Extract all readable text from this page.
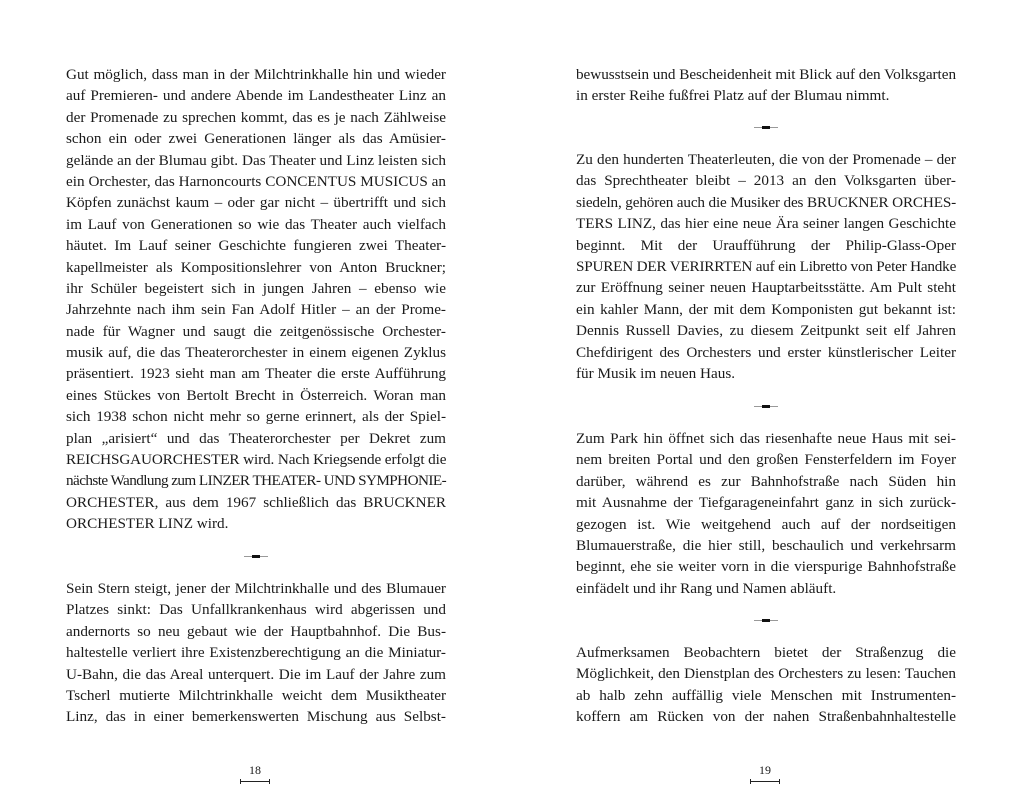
Gut möglich, dass man in der Milchtrinkhalle hin und wieder
auf Premieren- und andere Abende im Landestheater Linz an
der Promenade zu sprechen kommt, das es je nach Zählweise
schon ein oder zwei Generationen länger als das Amüsier-
gelände an der Blumau gibt. Das Theater und Linz leisten sich
ein Orchester, das Harnoncourts CONCENTUS MUSICUS an
Köpfen zunächst kaum – oder gar nicht – übertrifft und sich
im Lauf von Generationen so wie das Theater auch vielfach
häutet. Im Lauf seiner Geschichte fungieren zwei Theater-
kapellmeister als Kompositionslehrer von Anton Bruckner;
ihr Schüler begeistert sich in jungen Jahren – ebenso wie
Jahrzehnte nach ihm sein Fan Adolf Hitler – an der Prome-
nade für Wagner und saugt die zeitgenössische Orchester-
musik auf, die das Theaterorchester in einem eigenen Zyklus
präsentiert. 1923 sieht man am Theater die erste Aufführung
eines Stückes von Bertolt Brecht in Österreich. Woran man
sich 1938 schon nicht mehr so gerne erinnert, als der Spiel-
plan „arisiert“ und das Theaterorchester per Dekret zum
REICHSGAUORCHESTER wird. Nach Kriegsende erfolgt die
nächste Wandlung zum LINZER THEATER- UND SYMPHONIE-
ORCHESTER, aus dem 1967 schließlich das BRUCKNER
ORCHESTER LINZ wird.
Sein Stern steigt, jener der Milchtrinkhalle und des Blumauer
Platzes sinkt: Das Unfallkrankenhaus wird abgerissen und
andernorts so neu gebaut wie der Hauptbahnhof. Die Bus-
haltestelle verliert ihre Existenzberechtigung an die Miniatur-
U-Bahn, die das Areal unterquert. Die im Lauf der Jahre zum
Tscherl mutierte Milchtrinkhalle weicht dem Musiktheater
Linz, das in einer bemerkenswerten Mischung aus Selbst-
18
bewusstsein und Bescheidenheit mit Blick auf den Volksgarten
in erster Reihe fußfrei Platz auf der Blumau nimmt.
Zu den hunderten Theaterleuten, die von der Promenade – der
das Sprechtheater bleibt – 2013 an den Volksgarten über-
siedeln, gehören auch die Musiker des BRUCKNER ORCHES-
TERS LINZ, das hier eine neue Ära seiner langen Geschichte
beginnt. Mit der Uraufführung der Philip-Glass-Oper
SPUREN DER VERIRRTEN auf ein Libretto von Peter Handke
zur Eröffnung seiner neuen Hauptarbeitsstätte. Am Pult steht
ein kahler Mann, der mit dem Komponisten gut bekannt ist:
Dennis Russell Davies, zu diesem Zeitpunkt seit elf Jahren
Chefdirigent des Orchesters und erster künstlerischer Leiter
für Musik im neuen Haus.
Zum Park hin öffnet sich das riesenhafte neue Haus mit sei-
nem breiten Portal und den großen Fensterfeldern im Foyer
darüber, während es zur Bahnhofstraße nach Süden hin
mit Ausnahme der Tiefgarageneinfahrt ganz in sich zurück-
gezogen ist. Wie weitgehend auch auf der nordseitigen
Blumauerstraße, die hier still, beschaulich und verkehrsarm
beginnt, ehe sie weiter vorn in die vierspurige Bahnhofstraße
einfädelt und ihr Rang und Namen abläuft.
Aufmerksamen Beobachtern bietet der Straßenzug die
Möglichkeit, den Dienstplan des Orchesters zu lesen: Tauchen
ab halb zehn auffällig viele Menschen mit Instrumenten-
koffern am Rücken von der nahen Straßenbahnhaltestelle
19
